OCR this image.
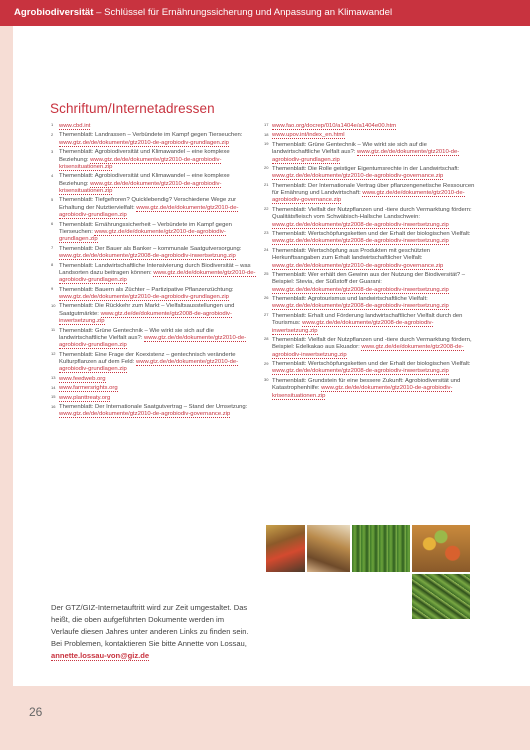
Agrobiodiversität – Schlüssel für Ernährungssicherung und Anpassung an Klimawandel
26
Schriftum/Internetadressen
1 www.cbd.int
2 Themenblatt: Landrassen – Verbündete im Kampf gegen Tierseuchen: www.gtz.de/de/dokumente/gtz2010-de-agrobiodiv-grundlagen.zip
3 Themenblatt: Agrobiodiversität und Klimawandel – eine komplexe Beziehung: www.gtz.de/de/dokumente/gtz2010-de-agrobiodiv-krisensituationen.zip
4 Themenblatt: Agrobiodiversität und Klimawandel – eine komplexe Beziehung: www.gtz.de/de/dokumente/gtz2010-de-agrobiodiv-krisensituationen.zip
5 Themenblatt: Tiefgefroren? Quicklebendig? Verschiedene Wege zur Erhaltung der Nutztiervielfalt: www.gtz.de/de/dokumente/gtz2010-de-agrobiodiv-grundlagen.zip
6 Themenblatt: Ernährungssicherheit – Verbündete im Kampf gegen Tierseuchen: www.gtz.de/de/dokumente/gtz2010-de-agrobiodiv-grundlagen.zip
7 Themenblatt: Der Bauer als Banker – kommunale Saatgutversorgung: www.gtz.de/de/dokumente/gtz2008-de-agrobiodiv-inwertsetzung.zip
8 Themenblatt: Landwirtschaftliche Intensivierung durch Biodiversität – was Landsorten dazu beitragen können: www.gtz.de/de/dokumente/gtz2010-de-agrobiodiv-grundlagen.zip
9 Themenblatt: Bauern als Züchter – Partizipative Pflanzenzüchtung: www.gtz.de/de/dokumente/gtz2010-de-agrobiodiv-grundlagen.zip
10 Themenblatt: Die Rückkehr zum Markt – Vielfaltsausstellungen und Saatgutmärkte: www.gtz.de/de/dokumente/gtz2008-de-agrobiodiv-inwertsetzung.zip
11 Themenblatt: Grüne Gentechnik – Wie wirkt sie sich auf die landwirtschaftliche Vielfalt aus?: www.gtz.de/de/dokumente/gtz2010-de-agrobiodiv-grundlagen.zip
12 Themenblatt: Eine Frage der Koexistenz – gentechnisch veränderte Kulturpflanzen auf dem Feld: www.gtz.de/de/dokumente/gtz2010-de-agrobiodiv-grundlagen.zip
13 www.feedweb.org
14 www.farmersrights.org
15 www.planttreaty.org
16 Themenblatt: Der Internationale Saatgutvertrag – Stand der Umsetzung: www.gtz.de/de/dokumente/gtz2010-de-agrobiodiv-governance.zip
17 www.fao.org/docrep/010/a1404e/a1404e00.htm
18 www.upov.int/index_en.html
19 Themenblatt: Grüne Gentechnik – Wie wirkt sie sich auf die landwirtschaftliche Vielfalt aus?: www.gtz.de/de/dokumente/gtz2010-de-agrobiodiv-grundlagen.zip
20 Themenblatt: Die Rolle geistiger Eigentumsrechte in der Landwirtschaft: www.gtz.de/de/dokumente/gtz2010-de-agrobiodiv-governance.zip
21 Themenblatt: Der Internationale Vertrag über pflanzengenetische Ressourcen für Ernährung und Landwirtschaft: www.gtz.de/de/dokumente/gtz2010-de-agrobiodiv-governance.zip
22 Themenblatt: Vielfalt der Nutzpflanzen und -tiere durch Vermarktung fördern: Qualitätsfleisch vom Schwäbisch-Hallsche Landschwein: www.gtz.de/de/dokumente/gtz2008-de-agrobiodiv-inwertsetzung.zip
23 Themenblatt: Wertschöpfungsketten und der Erhalt der biologischen Vielfalt: www.gtz.de/de/dokumente/gtz2008-de-agrobiodiv-inwertsetzung.zip
24 Themenblatt: Wertschöpfung aus Produkten mit geschützten Herkunftsangaben zum Erhalt landwirtschaftlicher Vielfalt: www.gtz.de/de/dokumente/gtz2010-de-agrobiodiv-governance.zip
25 Themenblatt: Wer erhält den Gewinn aus der Nutzung der Biodiversität? – Beispiel: Stevia, der Süßstoff der Guarani: www.gtz.de/de/dokumente/gtz2008-de-agrobiodiv-inwertsetzung.zip
26 Themenblatt: Agrotourismus und landwirtschaftliche Vielfalt: www.gtz.de/de/dokumente/gtz2008-de-agrobiodiv-inwertsetzung.zip
27 Themenblatt: Erhalt und Förderung landwirtschaftlicher Vielfalt durch den Tourismus: www.gtz.de/de/dokumente/gtz2008-de-agrobiodiv-inwertsetzung.zip
28 Themenblatt: Vielfalt der Nutzpflanzen und -tiere durch Vermarktung fördern, Beispiel: Edelkakao aus Ekuador: www.gtz.de/de/dokumente/gtz2008-de-agrobiodiv-inwertsetzung.zip
29 Themenblatt: Wertschöpfungsketten und der Erhalt der biologischen Vielfalt: www.gtz.de/de/dokumente/gtz2008-de-agrobiodiv-inwertsetzung.zip
30 Themenblatt: Grundstein für eine bessere Zukunft: Agrobiodiversität und Katastrophenhilfe: www.gtz.de/de/dokumente/gtz2010-de-agrobiodiv-krisensituationen.zip
Der GTZ/GIZ-Internetauftritt wird zur Zeit umgestaltet. Das heißt, die oben aufgeführten Dokumente werden im Verlaufe diesen Jahres unter anderen Links zu finden sein. Bei Problemen, kontaktieren Sie bitte Annette von Lossau, annette.lossau-von@giz.de
